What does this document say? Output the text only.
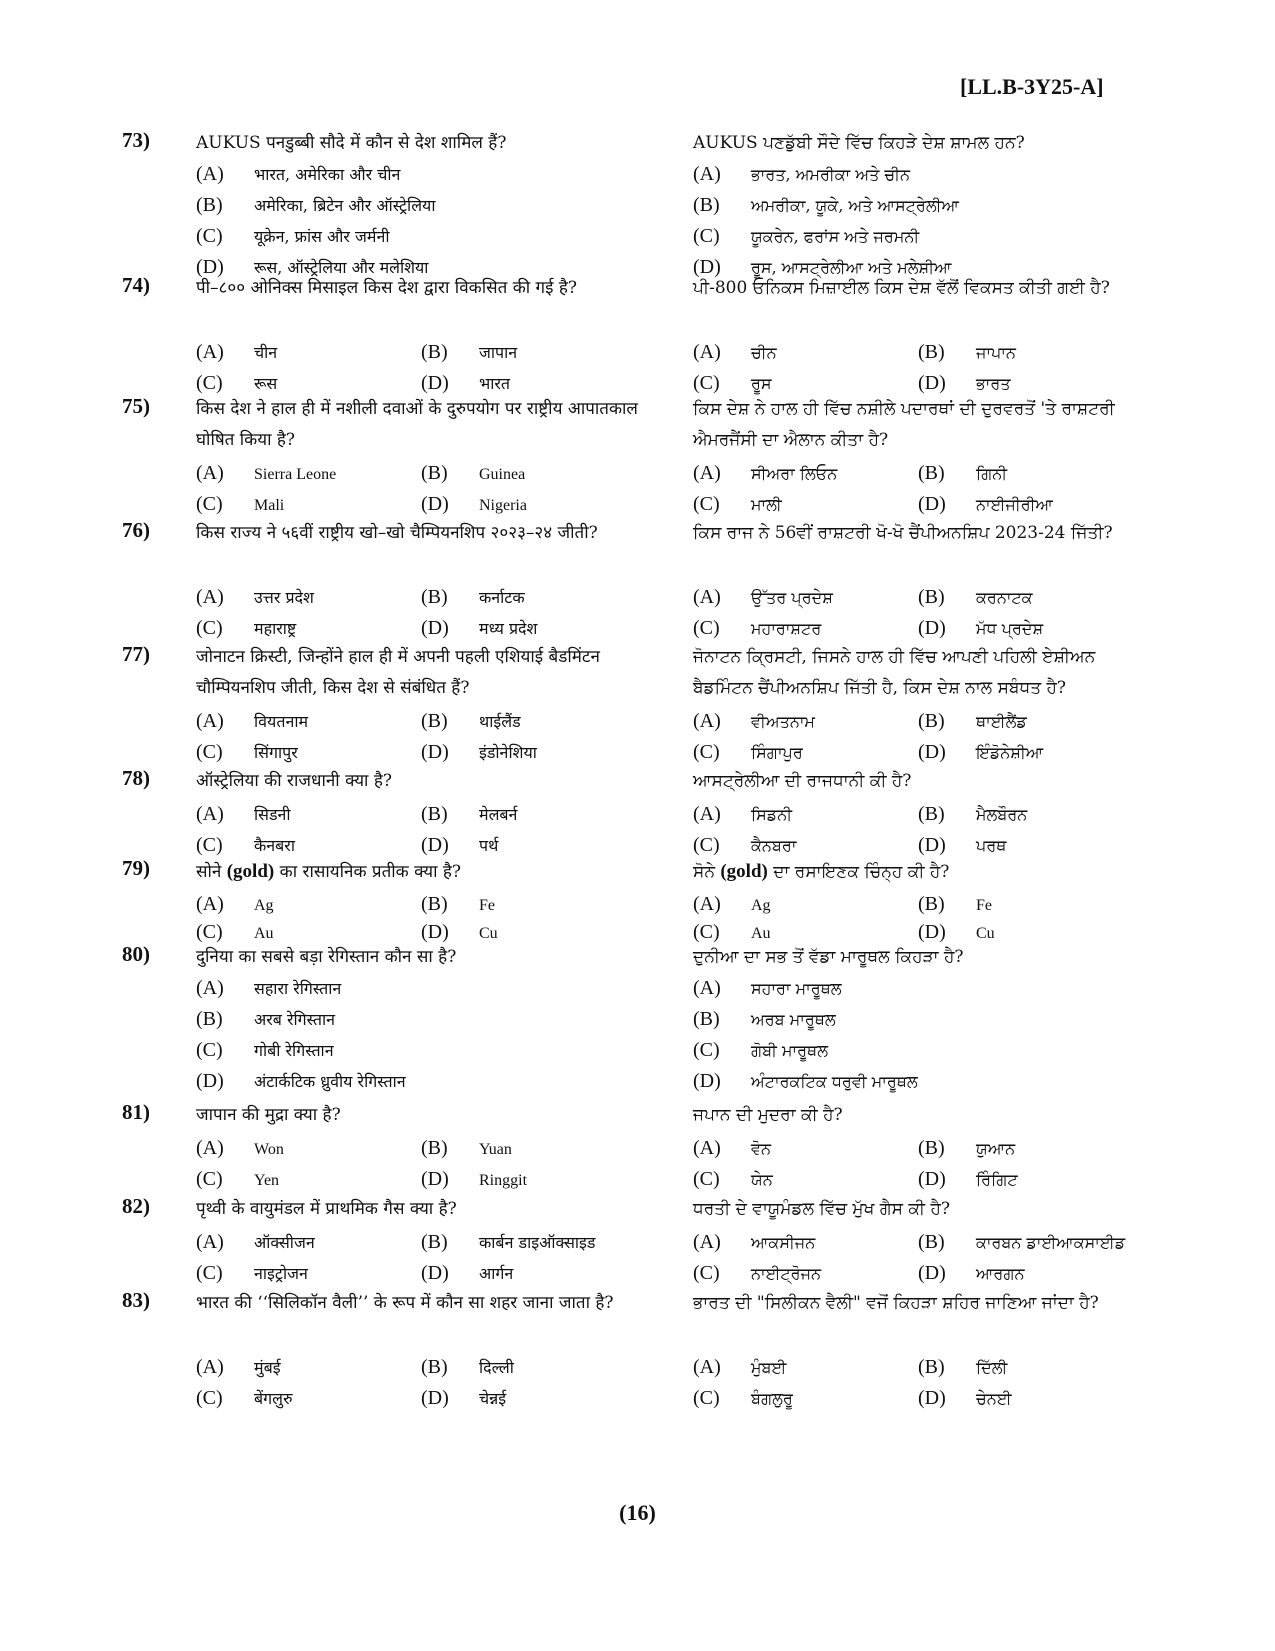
[LL.B-3Y25-A]
73)	AUKUS पनडुब्बी सौदे में कौन से देश शामिल हैं?
(A) भारत, अमेरिका और चीन
(B) अमेरिका, ब्रिटेन और ऑस्ट्रेलिया
(C) यूक्रेन, फ्रांस और जर्मनी
(D) रूस, ऑस्ट्रेलिया और मलेशिया
AUKUS ਪਣਡੁੱਬੀ ਸੌਦੇ ਵਿੱਚ ਕਿਹੜੇ ਦੇਸ਼ ਸ਼ਾਮਲ ਹਨ?
(A) ਭਾਰਤ, ਅਮਰੀਕਾ ਅਤੇ ਚੀਨ
(B) ਅਮਰੀਕਾ, ਯੂਕੇ, ਅਤੇ ਆਸਟ੍ਰੇਲੀਆ
(C) ਯੂਕਰੇਨ, ਫਰਾਂਸ ਅਤੇ ਜਰਮਨੀ
(D) ਰੂਸ, ਆਸਟ੍ਰੇਲੀਆ ਅਤੇ ਮਲੇਸ਼ੀਆ
74)	पी–८०० ओनिक्स मिसाइल किस देश द्वारा विकसित की गई है?
(A) चीन	(B) जापान
(C) रूस	(D) भारत
ਪੀ-800 ਓਨਿਕਸ ਮਿਜ਼ਾਈਲ ਕਿਸ ਦੇਸ਼ ਵੱਲੋਂ ਵਿਕਸਤ ਕੀਤੀ ਗਈ ਹੈ?
(A) ਚੀਨ	(B) ਜਾਪਾਨ
(C) ਰੂਸ	(D) ਭਾਰਤ
75)	किस देश ने हाल ही में नशीली दवाओं के दुरुपयोग पर राष्ट्रीय आपातकाल घोषित किया है?
(A) Sierra Leone	(B) Guinea
(C) Mali	(D) Nigeria
ਕਿਸ ਦੇਸ਼ ਨੇ ਹਾਲ ਹੀ ਵਿੱਚ ਨਸ਼ੀਲੇ ਪਦਾਰਥਾਂ ਦੀ ਦੁਰਵਰਤੋਂ 'ਤੇ ਰਾਸ਼ਟਰੀ ਐਮਰਜੈਂਸੀ ਦਾ ਐਲਾਨ ਕੀਤਾ ਹੈ?
(A) ਸੀਅਰਾ ਲਿਓਨ	(B) ਗਿਨੀ
(C) ਮਾਲੀ	(D) ਨਾਈਜੀਰੀਆ
76)	किस राज्य ने ५६वीं राष्ट्रीय खो–खो चैम्पियनशिप २०२३–२४ जीती?
(A) उत्तर प्रदेश	(B) कर्नाटक
(C) महाराष्ट्र	(D) मध्य प्रदेश
ਕਿਸ ਰਾਜ ਨੇ 56ਵੀਂ ਰਾਸ਼ਟਰੀ ਖੋ-ਖੋ ਚੈਂਪੀਅਨਸ਼ਿਪ 2023-24 ਜਿੱਤੀ?
(A) ਉੱਤਰ ਪ੍ਰਦੇਸ਼	(B) ਕਰਨਾਟਕ
(C) ਮਹਾਰਾਸ਼ਟਰ	(D) ਮੱਧ ਪ੍ਰਦੇਸ਼
77)	जोनाटन क्रिस्टी, जिन्होंने हाल ही में अपनी पहली एशियाई बैडमिंटन चौम्पियनशिप जीती, किस देश से संबंधित हैं?
(A) वियतनाम	(B) थाईलैंड
(C) सिंगापुर	(D) इंडोनेशिया
ਜੋਨਾਟਨ ਕ੍ਰਿਸਟੀ, ਜਿਸਨੇ ਹਾਲ ਹੀ ਵਿੱਚ ਆਪਣੀ ਪਹਿਲੀ ਏਸ਼ੀਅਨ ਬੈਡਮਿੰਟਨ ਚੈਂਪੀਅਨਸ਼ਿਪ ਜਿੱਤੀ ਹੈ, ਕਿਸ ਦੇਸ਼ ਨਾਲ ਸਬੰਧਤ ਹੈ?
(A) ਵੀਅਤਨਾਮ	(B) ਥਾਈਲੈਂਡ
(C) ਸਿੰਗਾਪੁਰ	(D) ਇੰਡੋਨੇਸ਼ੀਆ
78)	ऑस्ट्रेलिया की राजधानी क्या है?
(A) सिडनी	(B) मेलबर्न
(C) कैनबरा	(D) पर्थ
ਆਸਟ੍ਰੇਲੀਆ ਦੀ ਰਾਜਧਾਨੀ ਕੀ ਹੈ?
(A) ਸਿਡਨੀ	(B) ਮੈਲਬੌਰਨ
(C) ਕੈਨਬਰਾ	(D) ਪਰਥ
79)	सोने (gold) का रासायनिक प्रतीक क्या है?
(A) Ag	(B) Fe
(C) Au	(D) Cu
ਸੋਨੇ (gold) ਦਾ ਰਸਾਇਣਕ ਚਿੰਨ੍ਹ ਕੀ ਹੈ?
(A) Ag	(B) Fe
(C) Au	(D) Cu
80)	दुनिया का सबसे बड़ा रेगिस्तान कौन सा है?
(A) सहारा रेगिस्तान
(B) अरब रेगिस्तान
(C) गोबी रेगिस्तान
(D) अंटार्कटिक ध्रुवीय रेगिस्तान
ਦੁਨੀਆ ਦਾ ਸਭ ਤੋਂ ਵੱਡਾ ਮਾਰੂਥਲ ਕਿਹੜਾ ਹੈ?
(A) ਸਹਾਰਾ ਮਾਰੂਥਲ
(B) ਅਰਬ ਮਾਰੂਥਲ
(C) ਗੋਬੀ ਮਾਰੂਥਲ
(D) ਅੰਟਾਰਕਟਿਕ ਧਰੁਵੀ ਮਾਰੂਥਲ
81)	जापान की मुद्रा क्या है?
(A) Won	(B) Yuan
(C) Yen	(D) Ringgit
ਜਪਾਨ ਦੀ ਮੁਦਰਾ ਕੀ ਹੈ?
(A) ਵੋਨ	(B) ਯੁਆਨ
(C) ਯੇਨ	(D) ਰਿੰਗਿਟ
82)	पृथ्वी के वायुमंडल में प्राथमिक गैस क्या है?
(A) ऑक्सीजन	(B) कार्बन डाइऑक्साइड
(C) नाइट्रोजन	(D) आर्गन
ਧਰਤੀ ਦੇ ਵਾਯੂਮੰਡਲ ਵਿੱਚ ਮੁੱਖ ਗੈਸ ਕੀ ਹੈ?
(A) ਆਕਸੀਜਨ	(B) ਕਾਰਬਨ ਡਾਈਆਕਸਾਈਡ
(C) ਨਾਈਟ੍ਰੋਜਨ	(D) ਆਰਗਨ
83)	भारत की ‘‘सिलिकॉन वैली’’ के रूप में कौन सा शहर जाना जाता है?
(A) मुंबई	(B) दिल्ली
(C) बेंगलुरु	(D) चेन्नई
ਭਾਰਤ ਦੀ "ਸਿਲੀਕਨ ਵੈਲੀ" ਵਜੋਂ ਕਿਹੜਾ ਸ਼ਹਿਰ ਜਾਣਿਆ ਜਾਂਦਾ ਹੈ?
(A) ਮੁੰਬਈ	(B) ਦਿੱਲੀ
(C) ਬੰਗਲੁਰੂ	(D) ਚੇਨਈ
(16)
